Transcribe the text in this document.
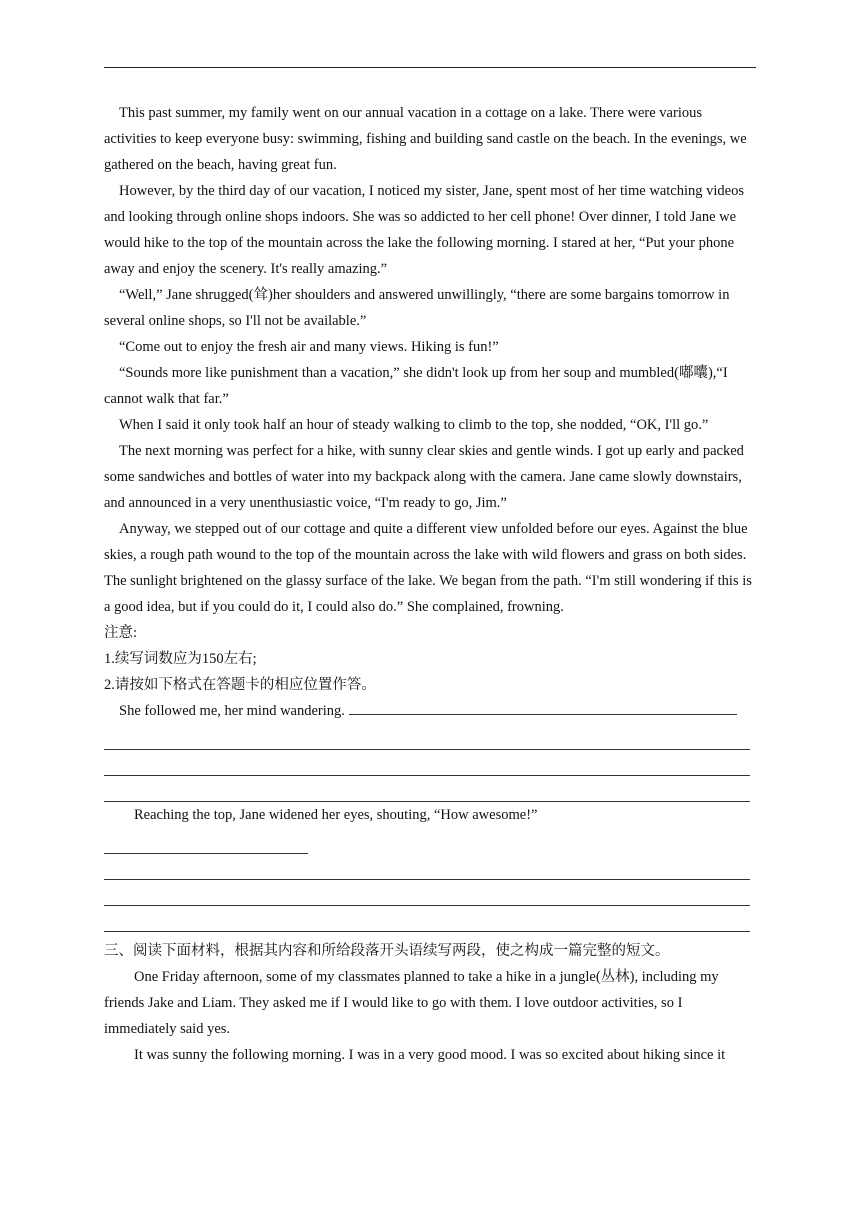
This past summer, my family went on our annual vacation in a cottage on a lake. There were various activities to keep everyone busy: swimming, fishing and building sand castle on the beach. In the evenings, we gathered on the beach, having great fun.

However, by the third day of our vacation, I noticed my sister, Jane, spent most of her time watching videos and looking through online shops indoors. She was so addicted to her cell phone! Over dinner, I told Jane we would hike to the top of the mountain across the lake the following morning. I stared at her, “Put your phone away and enjoy the scenery. It's really amazing.”

“Well,” Jane shrugged(耸)her shoulders and answered unwillingly, “there are some bargains tomorrow in several online shops, so I'll not be available.”

“Come out to enjoy the fresh air and many views. Hiking is fun!”

“Sounds more like punishment than a vacation,” she didn't look up from her soup and mumbled(嘟囔),“I cannot walk that far.”

When I said it only took half an hour of steady walking to climb to the top, she nodded, “OK, I'll go.”

The next morning was perfect for a hike, with sunny clear skies and gentle winds. I got up early and packed some sandwiches and bottles of water into my backpack along with the camera. Jane came slowly downstairs, and announced in a very unenthusiastic voice, “I'm ready to go, Jim.”

Anyway, we stepped out of our cottage and quite a different view unfolded before our eyes. Against the blue skies, a rough path wound to the top of the mountain across the lake with wild flowers and grass on both sides. The sunlight brightened on the glassy surface of the lake. We began from the path. “I'm still wondering if this is a good idea, but if you could do it, I could also do.” She complained, frowning.

注意:

1.续写词数应为150左右;

2.请按如下格式在答题卡的相应位置作答。

She followed me, her mind wandering.

Reaching the top, Jane widened her eyes, shouting, “How awesome!”

三、阅读下面材料，根据其内容和所给段落开头语续写两段，使之构成一篇完整的短文。

One Friday afternoon, some of my classmates planned to take a hike in a jungle(丛林), including my friends Jake and Liam. They asked me if I would like to go with them. I love outdoor activities, so I immediately said yes.

It was sunny the following morning. I was in a very good mood. I was so excited about hiking since it
